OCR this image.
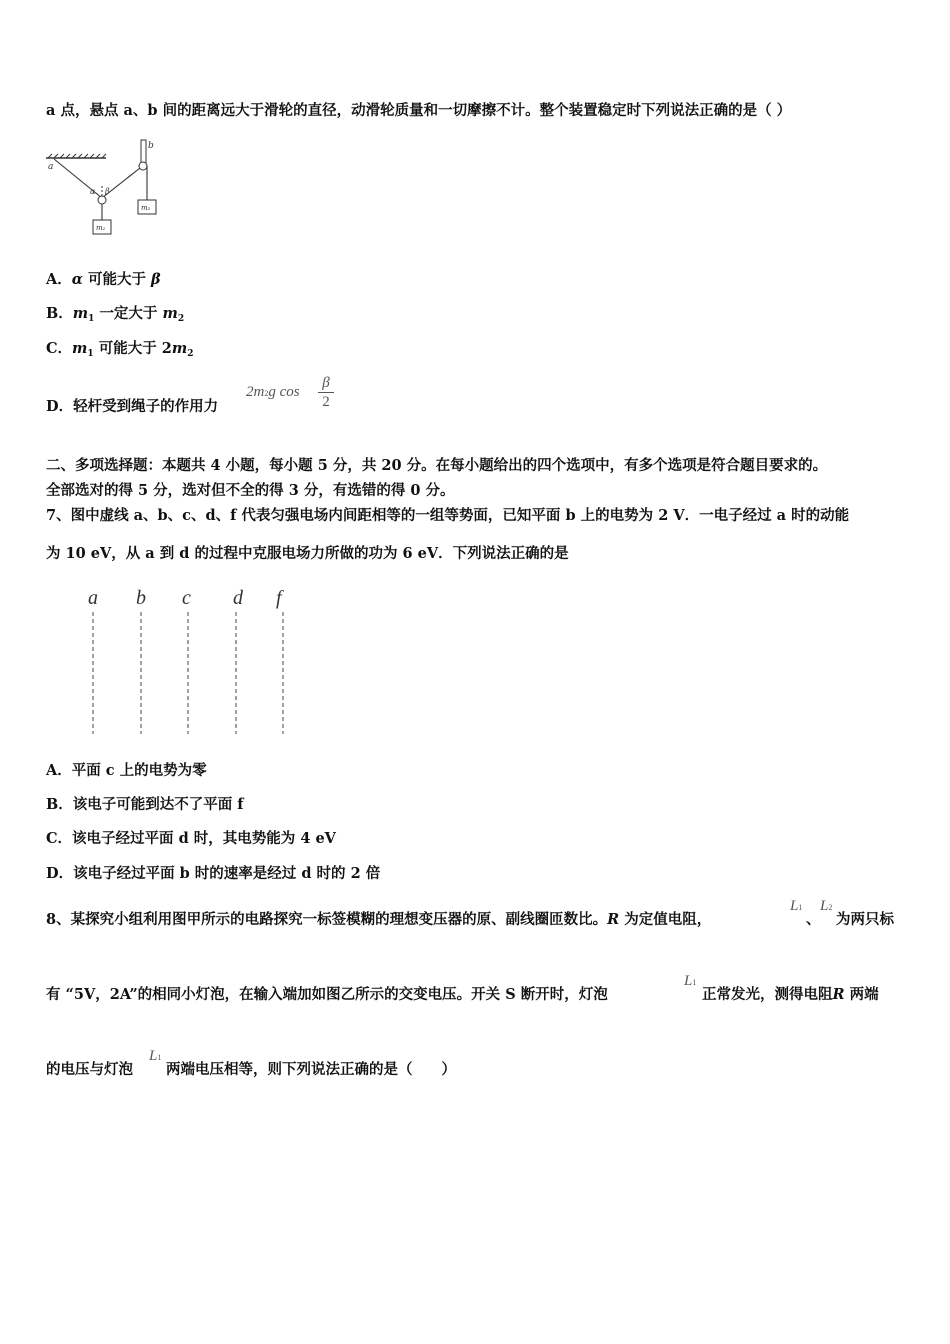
a 点，悬点 a、b 间的距离远大于滑轮的直径，动滑轮质量和一切摩擦不计。整个装置稳定时下列说法正确的是（ ）
a
b
α β
m₁
m₂
A．α 可能大于 β
B．$m_1$ 一定大于 $m_2$
C．$m_1$ 可能大于 $2m_2$
D．轻杆受到绳子的作用力
2m2g $\cos \frac{\beta}{2}$
二、多项选择题：本题共 4 小题，每小题 5 分，共 20 分。在每小题给出的四个选项中，有多个选项是符合题目要求的。
全部选对的得 5 分，选对但不全的得 3 分，有选错的得 0 分。
7、图中虚线 a、b、c、d、f 代表匀强电场内间距相等的一组等势面，已知平面 b 上的电势为 2 V．一电子经过 a 时的动能
为 10 eV，从 a 到 d 的过程中克服电场力所做的功为 6 eV．下列说法正确的是
a b c d f
A．平面 c 上的电势为零
B．该电子可能到达不了平面 f
C．该电子经过平面 d 时，其电势能为 4 eV
D．该电子经过平面 b 时的速率是经过 d 时的 2 倍
8、某探究小组利用图甲所示的电路探究一标签模糊的理想变压器的原、副线圈匝数比。R 为定值电阻，
L1
、
L2
为两只标
有 “5V，2A”的相同小灯泡，在输入端加如图乙所示的交变电压。开关 S 断开时，灯泡
L1
正常发光，测得电阻R 两端
的电压与灯泡
L1
两端电压相等，则下列说法正确的是（　　）
